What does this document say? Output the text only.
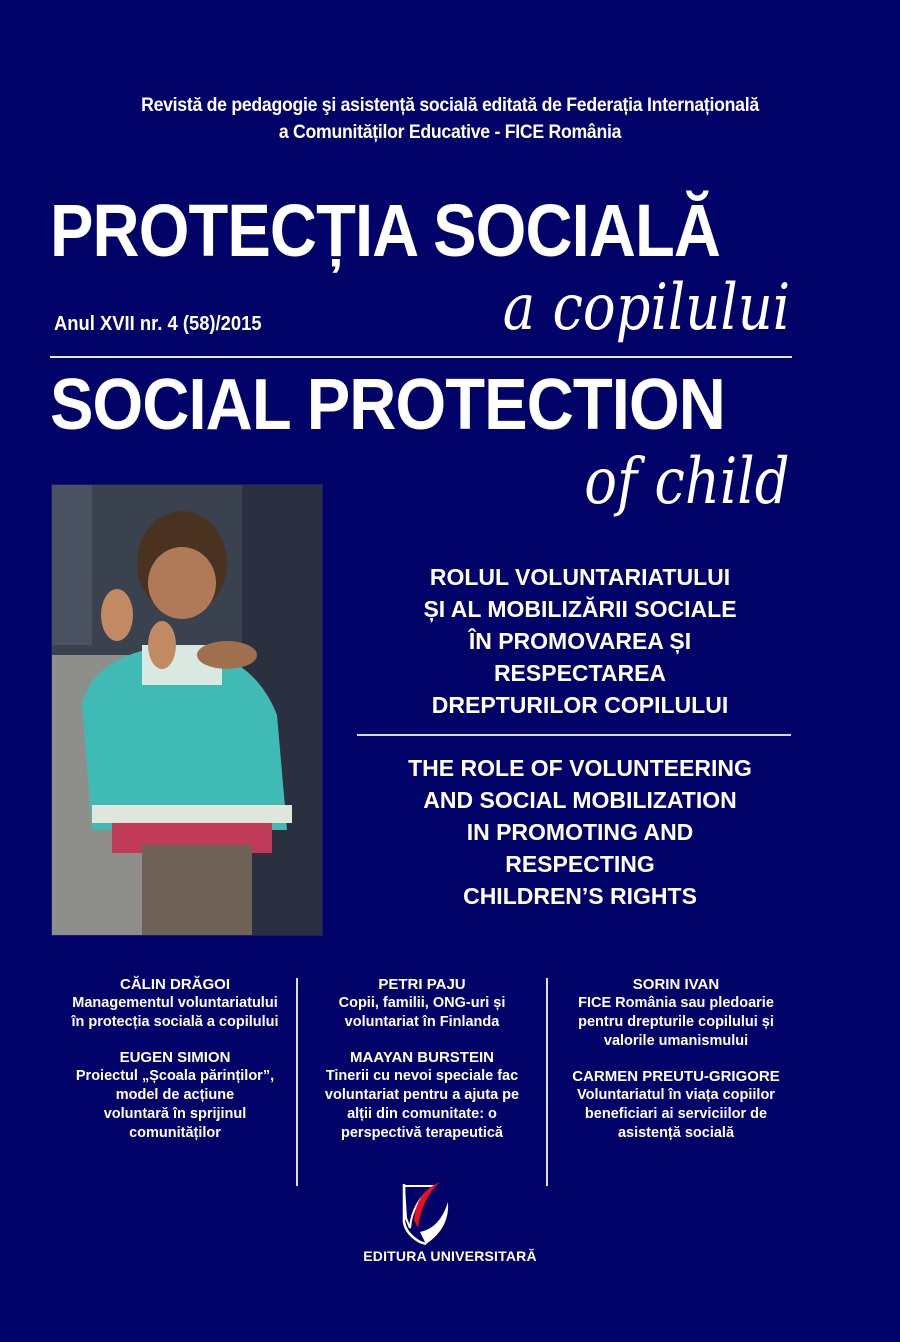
Revistă de pedagogie şi asistență socială editată de Federația Internațională
a Comunităților Educative - FICE România
PROTECȚIA SOCIALĂ
a copilului
Anul XVII nr. 4 (58)/2015
SOCIAL PROTECTION
of child
ROLUL VOLUNTARIATULUI
ȘI AL MOBILIZĂRII SOCIALE
ÎN PROMOVAREA ȘI
RESPECTAREA
DREPTURILOR COPILULUI
THE ROLE OF VOLUNTEERING
AND SOCIAL MOBILIZATION
IN PROMOTING AND
RESPECTING
CHILDREN’S RIGHTS
CĂLIN DRĂGOI
Managementul voluntariatului
în protecția socială a copilului
EUGEN SIMION
Proiectul „Școala părinților”,
model de acțiune
voluntară în sprijinul
comunităților
PETRI PAJU
Copii, familii, ONG-uri și
voluntariat în Finlanda
MAAYAN BURSTEIN
Tinerii cu nevoi speciale fac
voluntariat pentru a ajuta pe
alții din comunitate: o
perspectivă terapeutică
SORIN IVAN
FICE România sau pledoarie
pentru drepturile copilului și
valorile umanismului
CARMEN PREUTU-GRIGORE
Voluntariatul în viața copiilor
beneficiari ai serviciilor de
asistență socială
EDITURA UNIVERSITARĂ
